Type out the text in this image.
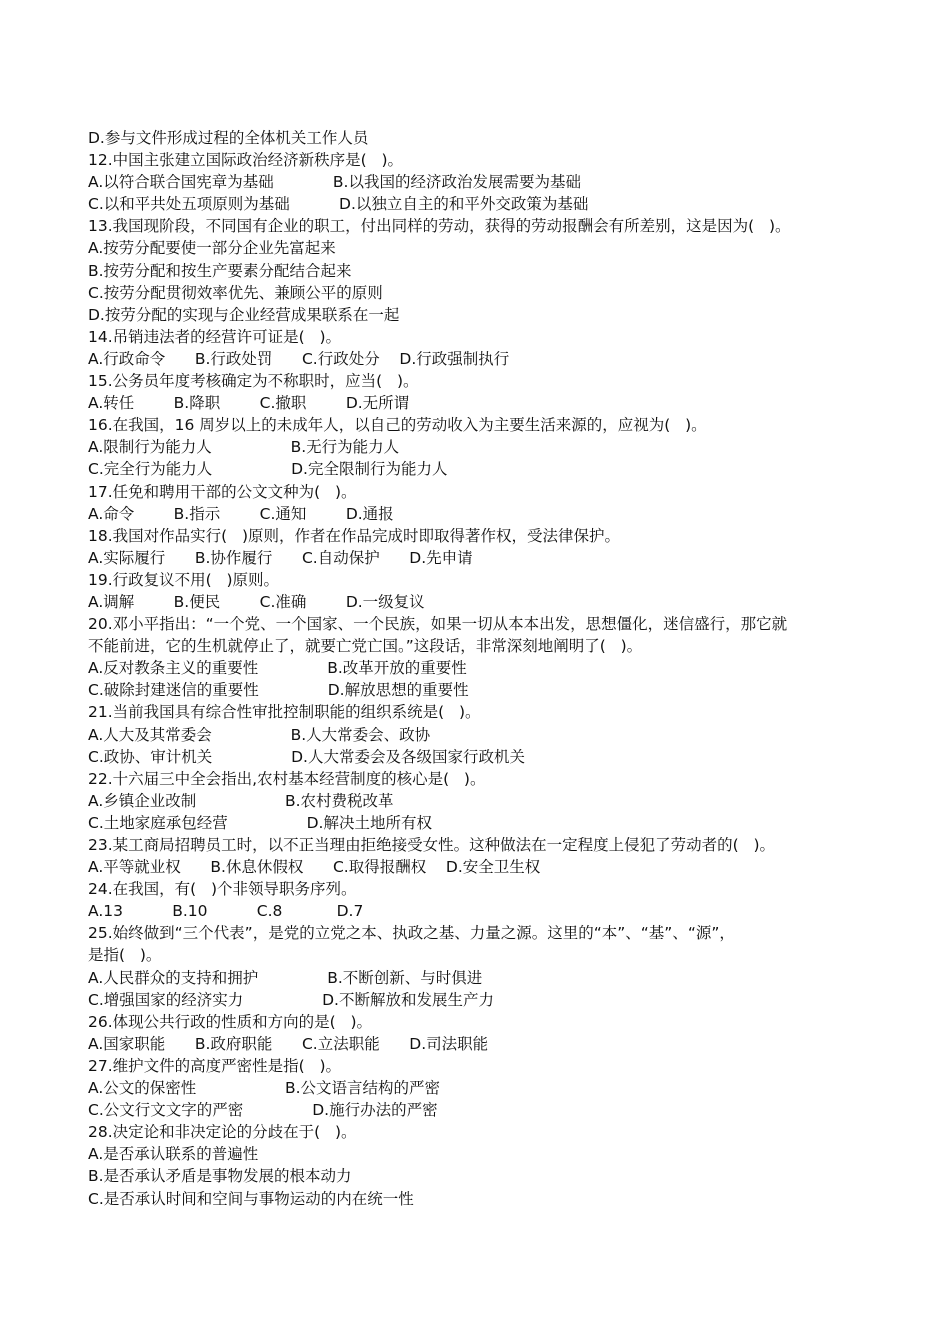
D.参与文件形成过程的全体机关工作人员
12.中国主张建立国际政治经济新秩序是(   )。
A.以符合联合国宪章为基础            B.以我国的经济政治发展需要为基础
C.以和平共处五项原则为基础          D.以独立自主的和平外交政策为基础
13.我国现阶段，不同国有企业的职工，付出同样的劳动，获得的劳动报酬会有所差别，这是因为(   )。
A.按劳分配要使一部分企业先富起来
B.按劳分配和按生产要素分配结合起来
C.按劳分配贯彻效率优先、兼顾公平的原则
D.按劳分配的实现与企业经营成果联系在一起
14.吊销违法者的经营许可证是(   )。
A.行政命令      B.行政处罚      C.行政处分    D.行政强制执行
15.公务员年度考核确定为不称职时，应当(   )。
A.转任        B.降职        C.撤职        D.无所谓
16.在我国，16 周岁以上的未成年人，以自己的劳动收入为主要生活来源的，应视为(   )。
A.限制行为能力人                B.无行为能力人
C.完全行为能力人                D.完全限制行为能力人
17.任免和聘用干部的公文文种为(   )。
A.命令        B.指示        C.通知        D.通报
18.我国对作品实行(   )原则，作者在作品完成时即取得著作权，受法律保护。
A.实际履行      B.协作履行      C.自动保护      D.先申请
19.行政复议不用(   )原则。
A.调解        B.便民        C.准确        D.一级复议
20.邓小平指出：“一个党、一个国家、一个民族，如果一切从本本出发，思想僵化，迷信盛行，那它就
不能前进，它的生机就停止了，就要亡党亡国。”这段话，非常深刻地阐明了(   )。
A.反对教条主义的重要性              B.改革开放的重要性
C.破除封建迷信的重要性              D.解放思想的重要性
21.当前我国具有综合性审批控制职能的组织系统是(   )。
A.人大及其常委会                B.人大常委会、政协
C.政协、审计机关                D.人大常委会及各级国家行政机关
22.十六届三中全会指出,农村基本经营制度的核心是(   )。
A.乡镇企业改制                  B.农村费税改革
C.土地家庭承包经营                D.解决土地所有权
23.某工商局招聘员工时，以不正当理由拒绝接受女性。这种做法在一定程度上侵犯了劳动者的(   )。
A.平等就业权      B.休息休假权      C.取得报酬权    D.安全卫生权
24.在我国，有(   )个非领导职务序列。
A.13          B.10          C.8           D.7
25.始终做到“三个代表”，是党的立党之本、执政之基、力量之源。这里的“本”、“基”、“源”，
是指(   )。
A.人民群众的支持和拥护              B.不断创新、与时俱进
C.增强国家的经济实力                D.不断解放和发展生产力
26.体现公共行政的性质和方向的是(   )。
A.国家职能      B.政府职能      C.立法职能      D.司法职能
27.维护文件的高度严密性是指(   )。
A.公文的保密性                  B.公文语言结构的严密
C.公文行文文字的严密              D.施行办法的严密
28.决定论和非决定论的分歧在于(   )。
A.是否承认联系的普遍性
B.是否承认矛盾是事物发展的根本动力
C.是否承认时间和空间与事物运动的内在统一性
